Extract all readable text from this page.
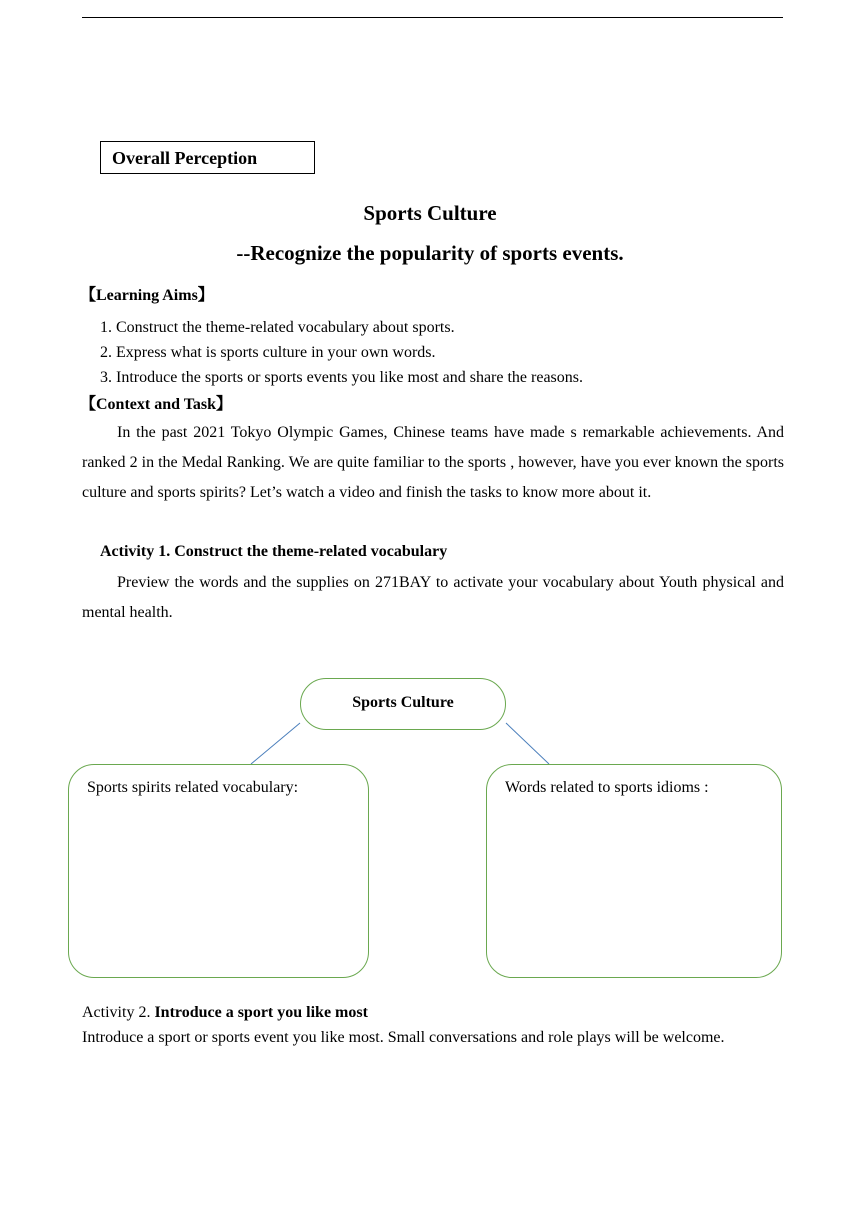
Overall Perception
Sports Culture
--Recognize the popularity of sports events.
【Learning Aims】
1. Construct the theme-related vocabulary about sports.
2. Express what is sports culture in your own words.
3. Introduce the sports or sports events you like most and share the reasons.
【Context and Task】

In the past 2021 Tokyo Olympic Games, Chinese teams have made s remarkable achievements. And ranked 2 in the Medal Ranking. We are quite familiar to the sports , however, have you ever known the sports culture and sports spirits? Let’s watch a video and finish the tasks to know more about it.

Activity 1. Construct the theme-related vocabulary

Preview the words and the supplies on 271BAY to activate your vocabulary about Youth physical and mental health.

Sports Culture
Sports spirits related vocabulary:	Words related to sports idioms :
Activity 2. Introduce a sport you like most
Introduce a sport or sports event you like most. Small conversations and role plays will be welcome.
